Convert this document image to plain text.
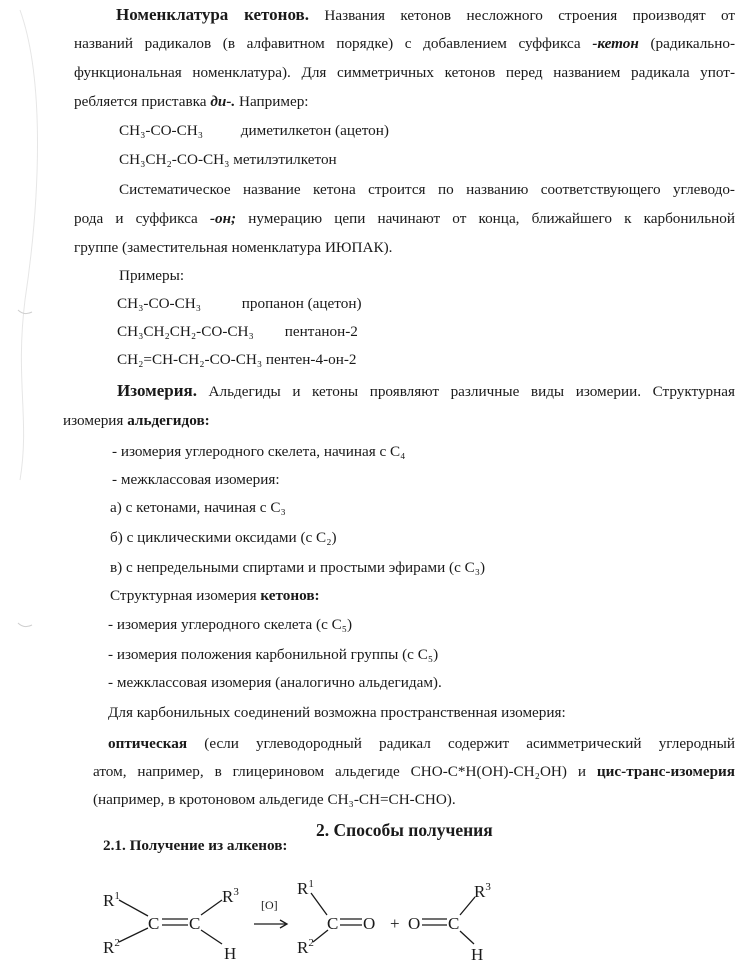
Номенклатура кетонов. Названия кетонов несложного строения производят от
названий радикалов (в алфавитном порядке) с добавлением суффикса -кетон (радикально-
функциональная номенклатура). Для симметричных кетонов перед названием радикала упот-
ребляется приставка ди-. Например:
CH₃-CO-CH₃ диметилкетон (ацетон)
CH₃CH₂-CO-CH₃ метилэтилкетон
Систематическое название кетона строится по названию соответствующего углеводо-
рода и суффикса -он; нумерацию цепи начинают от конца, ближайшего к карбонильной
группе (заместительная номенклатура ИЮПАК).
Примеры:
CH₃-CO-CH₃	пропанон (ацетон)
CH₃CH₂CH₂-CO-CH₃ пентанон-2
CH₂=CH-CH₂-CO-CH₃ пентен-4-он-2
Изомерия. Альдегиды и кетоны проявляют различные виды изомерии. Структурная
изомерия альдегидов:
- изомерия углеродного скелета, начиная с C₄
- межклассовая изомерия:
а) с кетонами, начиная с C₃
б) с циклическими оксидами (с C₂)
в) с непредельными спиртами и простыми эфирами (с C₃)
Структурная изомерия кетонов:
- изомерия углеродного скелета (с C₅)
- изомерия положения карбонильной группы (с C₅)
- межклассовая изомерия (аналогично альдегидам).
Для карбонильных соединений возможна пространственная изомерия:
оптическая (если углеводородный радикал содержит асимметрический углеродный
атом, например, в глицериновом альдегиде CHO-C*H(OH)-CH₂OH) и цис-транс-изомерия
(например, в кротоновом альдегиде CH₃-CH=CH-CHO).
2. Способы получения
2.1. Получение из алкенов:
$R^1$
$R^2$
C C
$R^3$
H
[O]
$R^1$
$R^2$
C O + O C
$R^3$
H
